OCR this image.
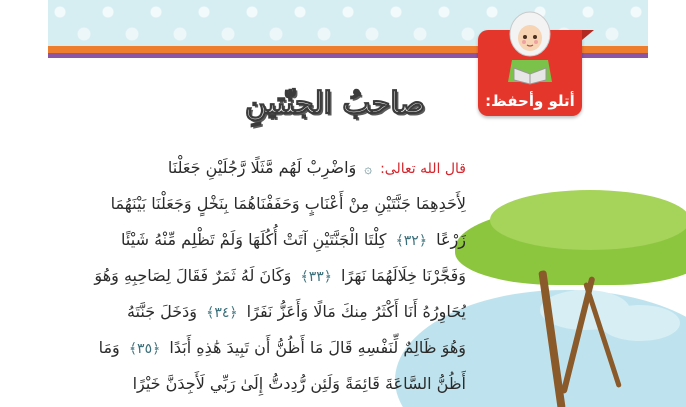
أتلو وأحفظ:
صاحبُ الجنّتينِ
قال الله تعالى: ۞ وَاضْرِبْ لَهُم مَّثَلًا رَّجُلَيْنِ جَعَلْنَا
لِأَحَدِهِمَا جَنَّتَيْنِ مِنْ أَعْنَابٍ وَحَفَفْنَاهُمَا بِنَخْلٍ وَجَعَلْنَا بَيْنَهُمَا
زَرْعًا ﴿٣٢﴾ كِلْتَا الْجَنَّتَيْنِ آتَتْ أُكُلَهَا وَلَمْ تَظْلِم مِّنْهُ شَيْئًا
وَفَجَّرْنَا خِلَالَهُمَا نَهَرًا ﴿٣٣﴾ وَكَانَ لَهُ ثَمَرٌ فَقَالَ لِصَاحِبِهِ وَهُوَ
يُحَاوِرُهُ أَنَا أَكْثَرُ مِنكَ مَالًا وَأَعَزُّ نَفَرًا ﴿٣٤﴾ وَدَخَلَ جَنَّتَهُ
وَهُوَ ظَالِمٌ لِّنَفْسِهِ قَالَ مَا أَظُنُّ أَن تَبِيدَ هَٰذِهِ أَبَدًا ﴿٣٥﴾ وَمَا
أَظُنُّ السَّاعَةَ قَائِمَةً وَلَئِن رُّدِدتُّ إِلَىٰ رَبِّي لَأَجِدَنَّ خَيْرًا
